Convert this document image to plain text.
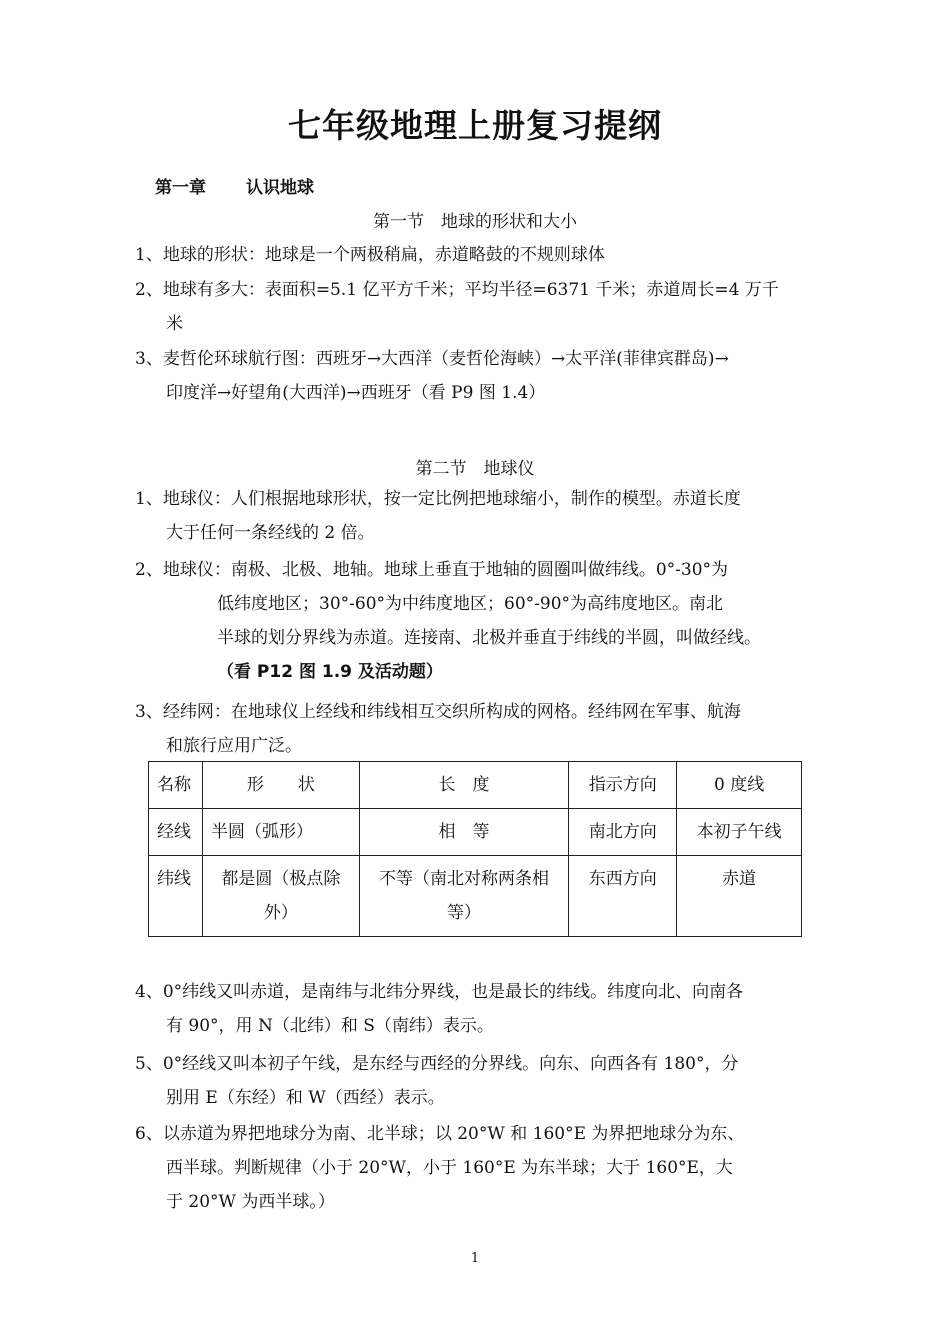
七年级地理上册复习提纲
第一章 认识地球
第一节　地球的形状和大小
1、地球的形状：地球是一个两极稍扁，赤道略鼓的不规则球体
2、地球有多大：表面积=5.1 亿平方千米；平均半径=6371 千米；赤道周长=4 万千
米
3、麦哲伦环球航行图：西班牙→大西洋（麦哲伦海峡）→太平洋(菲律宾群岛)→
印度洋→好望角(大西洋)→西班牙（看 P9 图 1.4）
第二节　地球仪
1、地球仪：人们根据地球形状，按一定比例把地球缩小，制作的模型。赤道长度
大于任何一条经线的 2 倍。
2、地球仪：南极、北极、地轴。地球上垂直于地轴的圆圈叫做纬线。0°-30°为
低纬度地区；30°-60°为中纬度地区；60°-90°为高纬度地区。南北
半球的划分界线为赤道。连接南、北极并垂直于纬线的半圆，叫做经线。
（看 P12 图 1.9 及活动题）
3、经纬网：在地球仪上经线和纬线相互交织所构成的网格。经纬网在军事、航海
和旅行应用广泛。
名称	形　　状	长　度	指示方向	0 度线
经线	半圆（弧形）	相　等	南北方向	本初子午线
纬线	都是圆（极点除外）	不等（南北对称两条相等）	东西方向	赤道
4、0°纬线又叫赤道，是南纬与北纬分界线，也是最长的纬线。纬度向北、向南各
有 90°，用 N（北纬）和 S（南纬）表示。
5、0°经线又叫本初子午线，是东经与西经的分界线。向东、向西各有 180°，分
别用 E（东经）和 W（西经）表示。
6、以赤道为界把地球分为南、北半球；以 20°W 和 160°E 为界把地球分为东、
西半球。判断规律（小于 20°W，小于 160°E 为东半球；大于 160°E，大
于 20°W 为西半球。）
1
